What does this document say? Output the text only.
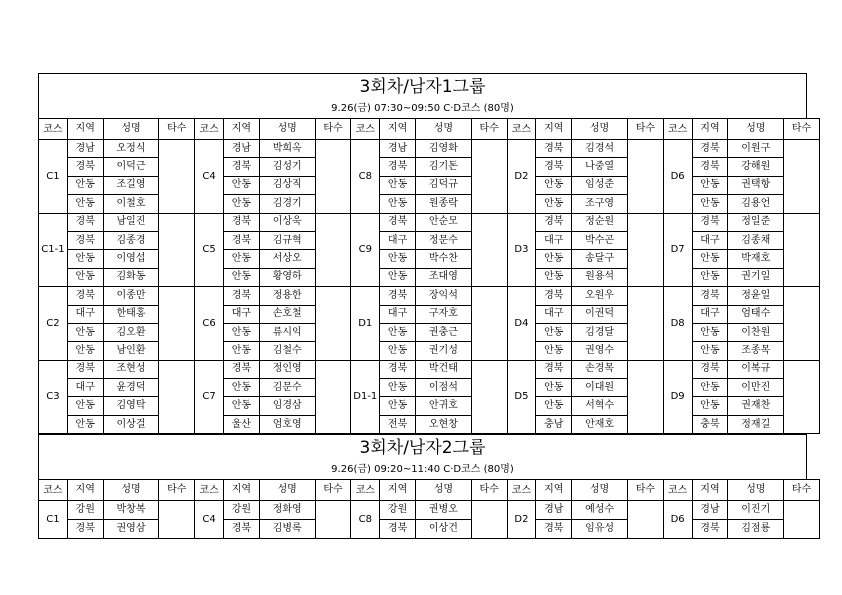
3회차/남자1그룹
9.26(금) 07:30~09:50 C·D코스 (80명)
코스	지역	성명	타수	코스	지역	성명	타수	코스	지역	성명	타수	코스	지역	성명	타수	코스	지역	성명	타수
C1	경남	오정식		C4	경남	박희옥		C8	경남	김영화		D2	경북	김경석		D6	경북	이원구	
	경북	이덕근			경북	김성기			경북	김기돈			경북	나중열			경북	강해원	
	안동	조길영			안동	김상직			안동	김덕규			안동	임성준			안동	권택항	
	안동	이철호			안동	김경기			안동	원종락			안동	조구영			안동	김용언	
C1-1	경북	남일진		C5	경북	이상욱		C9	경북	안순모		D3	경북	정순원		D7	경북	정일준	
	경북	김종경			경북	김규혁			대구	정문수			대구	박수곤			대구	김종채	
	안동	이영섭			안동	서상오			안동	박수찬			안동	송달구			안동	박재호	
	안동	김화동			안동	황영하			안동	조대영			안동	원용석			안동	권기일	
C2	경북	이종만		C6	경북	정용한		D1	경북	장익석		D4	경북	오원우		D8	경북	정윤일	
	대구	한태홍			대구	손호철			대구	구자호			대구	이권덕			대구	엄태수	
	안동	김오환			안동	류시익			안동	권충근			안동	김경달			안동	이찬원	
	안동	남인환			안동	김철수			안동	권기성			안동	권영수			안동	조종목	
C3	경북	조현성		C7	경북	정인영		D1-1	경북	박건태		D5	경북	손경목		D9	경북	이복규	
	대구	윤경덕			안동	김문수			안동	이점석			안동	이대원			안동	이만진	
	안동	김영탁			안동	임경삼			안동	안귀호			안동	서혁수			안동	권재찬	
	안동	이상걸			울산	엄호영			전북	오현창			충남	안재호			충북	정재길	
3회차/남자2그룹
9.26(금) 09:20~11:40 C·D코스 (80명)
코스	지역	성명	타수	코스	지역	성명	타수	코스	지역	성명	타수	코스	지역	성명	타수	코스	지역	성명	타수
C1	강원	박창복		C4	강원	정화영		C8	강원	권병오		D2	경남	예성수		D6	경남	이진기	
	경북	권영삼			경북	김병록			경북	이상건			경북	임유성			경북	김점룡	
